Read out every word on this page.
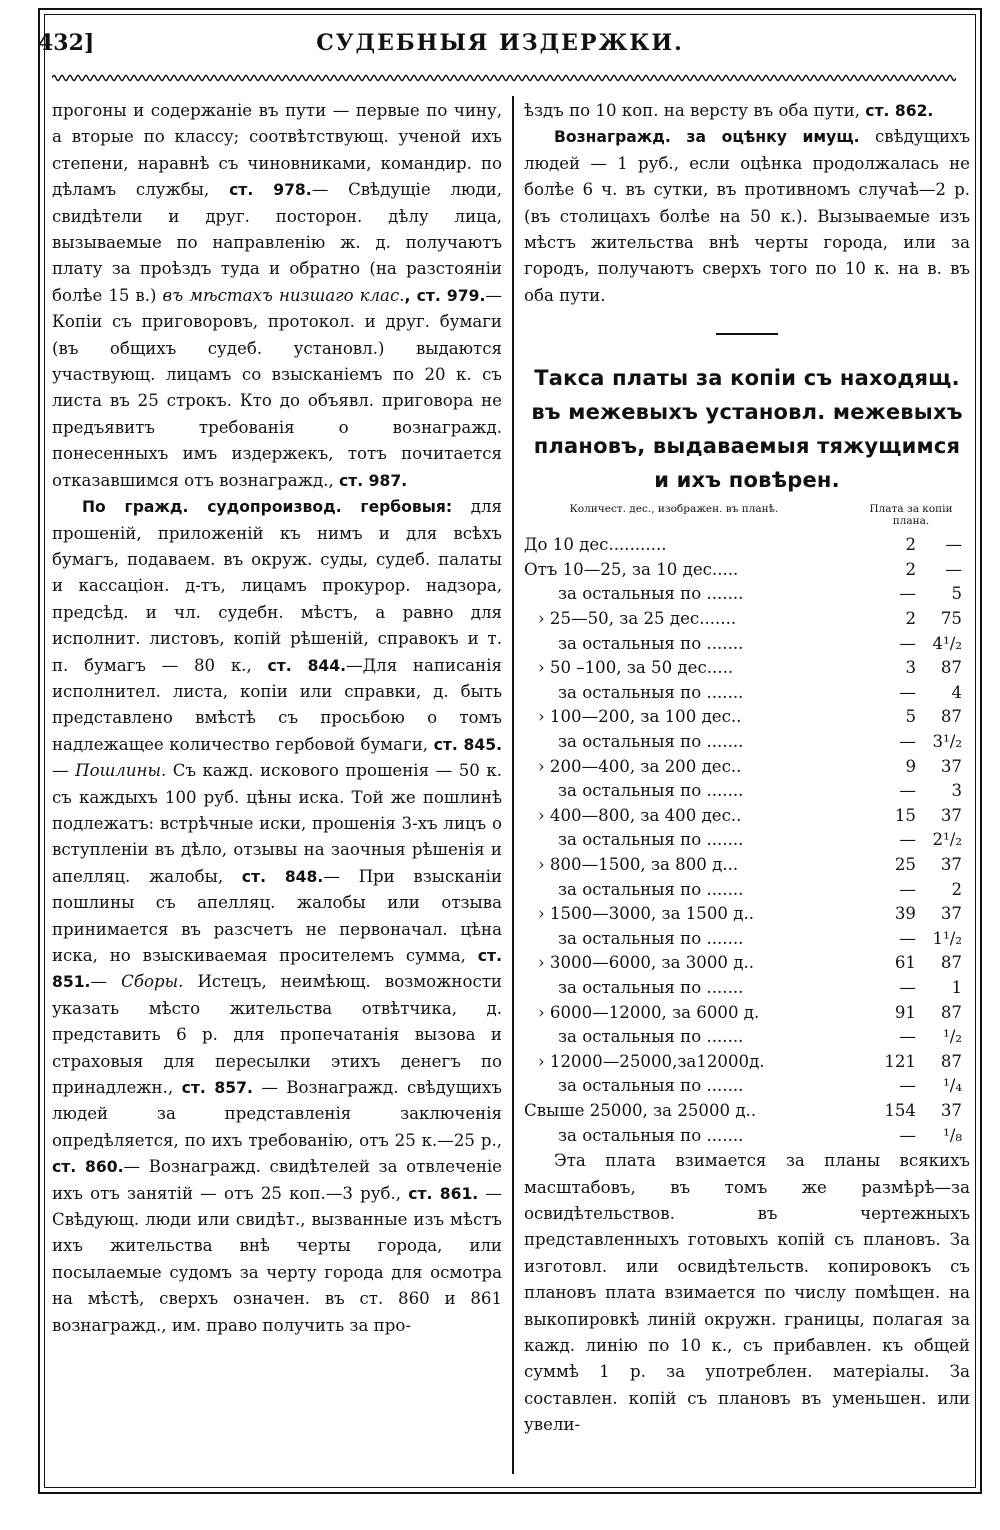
432]	СУДЕБНЫЯ ИЗДЕРЖКИ.

прогоны и содержаніе въ пути — первые по чину, а вторые по классу; соотвѣтствующ. ученой ихъ степени, наравнѣ съ чиновниками, командир. по дѣламъ службы, ст. 978.— Свѣдущіе люди, свидѣтели и друг. посторон. дѣлу лица, вызываемые по направленію ж. д. получаютъ плату за проѣздъ туда и обратно (на разстояніи болѣе 15 в.) въ мѣстахъ низшаго клас., ст. 979.— Копіи съ приговоровъ, протокол. и друг. бумаги (въ общихъ судеб. установл.) выдаются участвующ. лицамъ со взысканіемъ по 20 к. съ листа въ 25 строкъ. Кто до объявл. приговора не предъявитъ требованія о вознагражд. понесенныхъ имъ издержекъ, тотъ почитается отказавшимся отъ вознагражд., ст. 987.

По гражд. судопроизвод. гербовыя: для прошеній, приложеній къ нимъ и для всѣхъ бумагъ, подаваем. въ окруж. суды, судеб. палаты и кассаціон. д-тъ, лицамъ прокурор. надзора, предсѣд. и чл. судебн. мѣстъ, а равно для исполнит. листовъ, копій рѣшеній, справокъ и т. п. бумагъ — 80 к., ст. 844.—Для написанія исполнител. листа, копіи или справки, д. быть представлено вмѣстѣ съ просьбою о томъ надлежащее количество гербовой бумаги, ст. 845. — Пошлины. Съ кажд. искового прошенія — 50 к. съ каждыхъ 100 руб. цѣны иска. Той же пошлинѣ подлежатъ: встрѣчные иски, прошенія 3-хъ лицъ о вступленіи въ дѣло, отзывы на заочныя рѣшенія и апелляц. жалобы, ст. 848.— При взысканіи пошлины съ апелляц. жалобы или отзыва принимается въ разсчетъ не первоначал. цѣна иска, но взыскиваемая просителемъ сумма, ст. 851.— Сборы. Истецъ, неимѣющ. возможности указать мѣсто жительства отвѣтчика, д. представить 6 р. для пропечатанія вызова и страховыя для пересылки этихъ денегъ по принадлежн., ст. 857. — Вознагражд. свѣдущихъ людей за представленія заключенія опредѣляется, по ихъ требованію, отъ 25 к.—25 р., ст. 860.— Вознагражд. свидѣтелей за отвлеченіе ихъ отъ занятій — отъ 25 коп.—3 руб., ст. 861. — Свѣдующ. люди или свидѣт., вызванные изъ мѣстъ ихъ жительства внѣ черты города, или посылаемые судомъ за черту города для осмотра на мѣстѣ, сверхъ означен. въ ст. 860 и 861 вознагражд., им. право получить за про-

ѣздъ по 10 коп. на версту въ оба пути, ст. 862.

Вознагражд. за оцѣнку имущ. свѣдущихъ людей — 1 руб., если оцѣнка продолжалась не болѣе 6 ч. въ сутки, въ противномъ случаѣ—2 р. (въ столицахъ болѣе на 50 к.). Вызываемые изъ мѣстъ жительства внѣ черты города, или за городъ, получаютъ сверхъ того по 10 к. на в. въ оба пути.

Такса платы за копіи съ находящ. въ межевыхъ установл. межевыхъ плановъ, выдаваемыя тяжущимся и ихъ повѣрен.
Количест. дес., изображен. въ планѣ.	Плата за копіи плана.
До 10 дес...........	2	—
Отъ 10—25, за 10 дес.....	2	—
за остальныя по .......	—	5
› 25—50, за 25 дес.......	2	75
за остальныя по .......	— 4¹/₂
› 50 –100, за 50 дес.....	3	87
за остальныя по .......	—	4
› 100—200, за 100 дес..	5	87
за остальныя по .......	— 3¹/₂
› 200—400, за 200 дес..	9	37
за остальныя по .......	—	3
› 400—800, за 400 дес..	15	37
за остальныя по .......	— 2¹/₂
› 800—1500, за 800 д...	25	37
за остальныя по .......	—	2
› 1500—3000, за 1500 д..	39	37
за остальныя по .......	— 1¹/₂
› 3000—6000, за 3000 д..	61	87
за остальныя по .......	—	1
› 6000—12000, за 6000 д.	91	87
за остальныя по .......	—	¹/₂
› 12000—25000,за12000д.	121	87
за остальныя по .......	—	¹/₄
Свыше 25000, за 25000 д..	154	37
за остальныя по .......	—	¹/₈

Эта плата взимается за планы всякихъ масштабовъ, въ томъ же размѣрѣ—за освидѣтельствов. въ чертежныхъ представленныхъ готовыхъ копій съ плановъ. За изготовл. или освидѣтельств. копировокъ съ плановъ плата взимается по числу помѣщен. на выкопировкѣ линій окружн. границы, полагая за кажд. линію по 10 к., съ прибавлен. къ общей суммѣ 1 р. за употреблен. матеріалы. За составлен. копій съ плановъ въ уменьшен. или увели-
